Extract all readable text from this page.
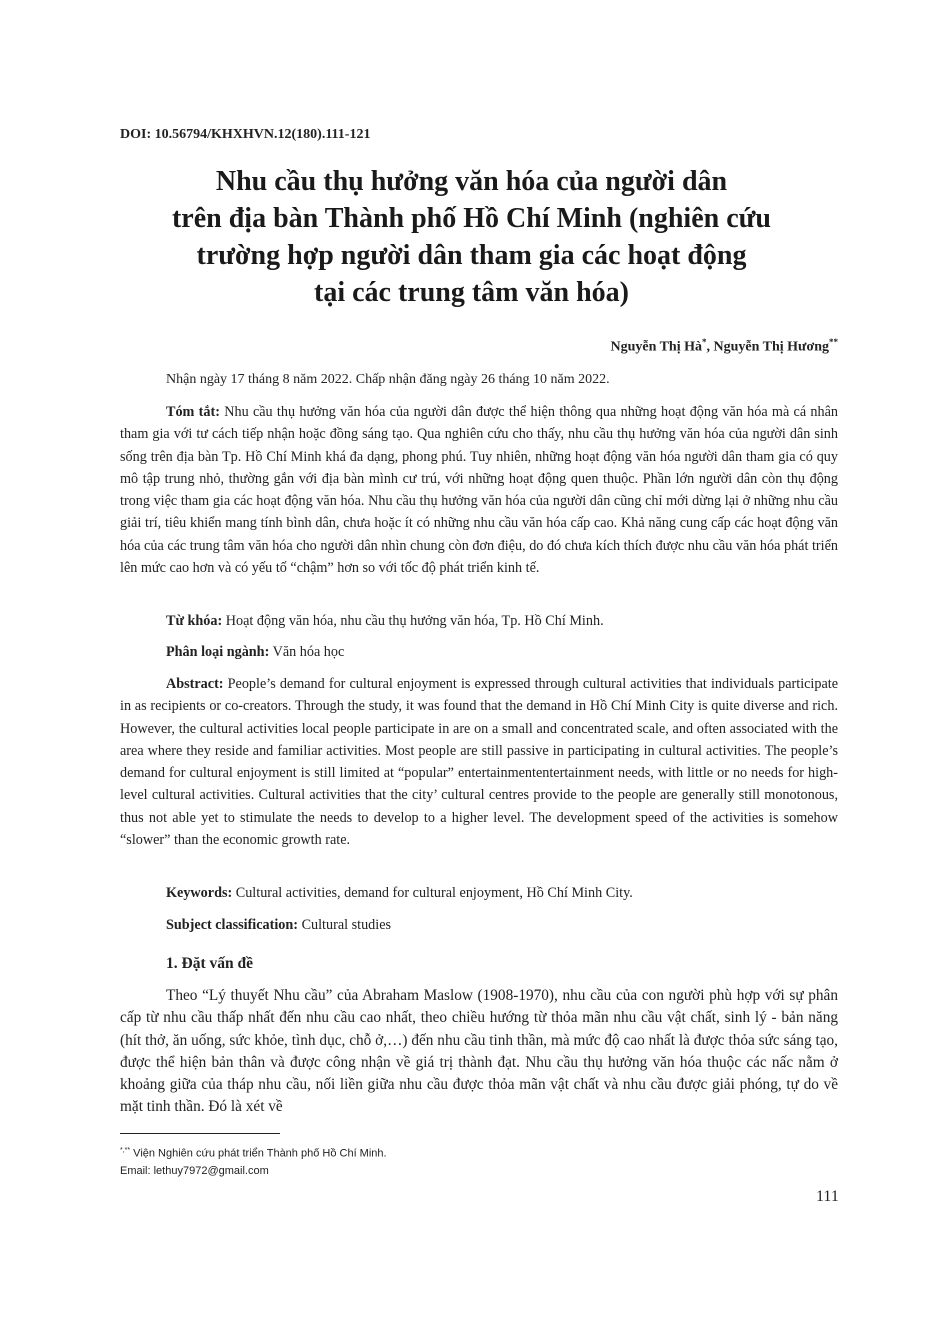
DOI: 10.56794/KHXHVN.12(180).111-121
Nhu cầu thụ hưởng văn hóa của người dân
trên địa bàn Thành phố Hồ Chí Minh (nghiên cứu
trường hợp người dân tham gia các hoạt động
tại các trung tâm văn hóa)
Nguyễn Thị Hà*, Nguyễn Thị Hương**
Nhận ngày 17 tháng 8 năm 2022. Chấp nhận đăng ngày 26 tháng 10 năm 2022.
Tóm tắt: Nhu cầu thụ hưởng văn hóa của người dân được thể hiện thông qua những hoạt động văn hóa mà cá nhân tham gia với tư cách tiếp nhận hoặc đồng sáng tạo. Qua nghiên cứu cho thấy, nhu cầu thụ hưởng văn hóa của người dân sinh sống trên địa bàn Tp. Hồ Chí Minh khá đa dạng, phong phú. Tuy nhiên, những hoạt động văn hóa người dân tham gia có quy mô tập trung nhỏ, thường gắn với địa bàn mình cư trú, với những hoạt động quen thuộc. Phần lớn người dân còn thụ động trong việc tham gia các hoạt động văn hóa. Nhu cầu thụ hưởng văn hóa của người dân cũng chỉ mới dừng lại ở những nhu cầu giải trí, tiêu khiển mang tính bình dân, chưa hoặc ít có những nhu cầu văn hóa cấp cao. Khả năng cung cấp các hoạt động văn hóa của các trung tâm văn hóa cho người dân nhìn chung còn đơn điệu, do đó chưa kích thích được nhu cầu văn hóa phát triển lên mức cao hơn và có yếu tố “chậm” hơn so với tốc độ phát triển kinh tế.
Từ khóa: Hoạt động văn hóa, nhu cầu thụ hưởng văn hóa, Tp. Hồ Chí Minh.
Phân loại ngành: Văn hóa học
Abstract: People’s demand for cultural enjoyment is expressed through cultural activities that individuals participate in as recipients or co-creators. Through the study, it was found that the demand in Hồ Chí Minh City is quite diverse and rich. However, the cultural activities local people participate in are on a small and concentrated scale, and often associated with the area where they reside and familiar activities. Most people are still passive in participating in cultural activities. The people’s demand for cultural enjoyment is still limited at “popular” entertainmententertainment needs, with little or no needs for high-level cultural activities. Cultural activities that the city’ cultural centres provide to the people are generally still monotonous, thus not able yet to stimulate the needs to develop to a higher level. The development speed of the activities is somehow “slower” than the economic growth rate.
Keywords: Cultural activities, demand for cultural enjoyment, Hồ Chí Minh City.
Subject classification: Cultural studies
1. Đặt vấn đề
Theo “Lý thuyết Nhu cầu” của Abraham Maslow (1908-1970), nhu cầu của con người phù hợp với sự phân cấp từ nhu cầu thấp nhất đến nhu cầu cao nhất, theo chiều hướng từ thỏa mãn nhu cầu vật chất, sinh lý - bản năng (hít thở, ăn uống, sức khỏe, tình dục, chỗ ở,…) đến nhu cầu tinh thần, mà mức độ cao nhất là được thỏa sức sáng tạo, được thể hiện bản thân và được công nhận về giá trị thành đạt. Nhu cầu thụ hưởng văn hóa thuộc các nấc nằm ở khoảng giữa của tháp nhu cầu, nối liền giữa nhu cầu được thỏa mãn vật chất và nhu cầu được giải phóng, tự do về mặt tinh thần. Đó là xét về
*,** Viện Nghiên cứu phát triển Thành phố Hồ Chí Minh.
Email: lethuy7972@gmail.com
111
